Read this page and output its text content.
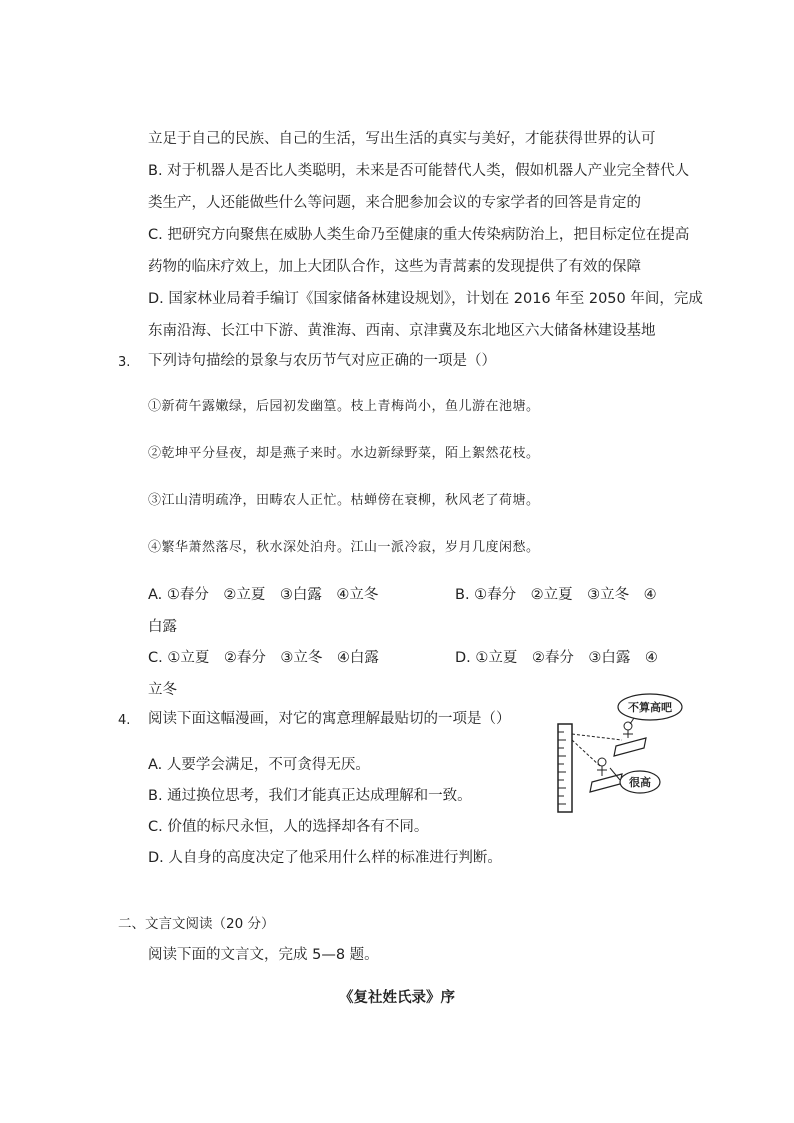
立足于自己的民族、自己的生活，写出生活的真实与美好，才能获得世界的认可
B. 对于机器人是否比人类聪明，未来是否可能替代人类，假如机器人产业完全替代人
类生产，人还能做些什么等问题，来合肥参加会议的专家学者的回答是肯定的
C. 把研究方向聚焦在威胁人类生命乃至健康的重大传染病防治上，把目标定位在提高
药物的临床疗效上，加上大团队合作，这些为青蒿素的发现提供了有效的保障
D. 国家林业局着手编订《国家储备林建设规划》，计划在 2016 年至 2050 年间，完成
东南沿海、长江中下游、黄淮海、西南、京津冀及东北地区六大储备林建设基地
3. 下列诗句描绘的景象与农历节气对应正确的一项是（）
①新荷午露嫩绿，后园初发幽篁。枝上青梅尚小，鱼儿游在池塘。
②乾坤平分昼夜，却是燕子来时。水边新绿野菜，陌上絮然花枝。
③江山清明疏净，田畴农人正忙。枯蝉傍在衰柳，秋风老了荷塘。
④繁华萧然落尽，秋水深处泊舟。江山一派冷寂，岁月几度闲愁。
A. ①春分　②立夏　③白露　④立冬	B. ①春分　②立夏　③立冬　④
白露
C. ①立夏　②春分　③立冬　④白露	D. ①立夏　②春分　③白露　④
立冬
4. 阅读下面这幅漫画，对它的寓意理解最贴切的一项是（）
A. 人要学会满足，不可贪得无厌。
B. 通过换位思考，我们才能真正达成理解和一致。
C. 价值的标尺永恒，人的选择却各有不同。
D. 人自身的高度决定了他采用什么样的标准进行判断。
不算高吧
很高
二、文言文阅读（20 分）
阅读下面的文言文，完成 5—8 题。
《复社姓氏录》序
